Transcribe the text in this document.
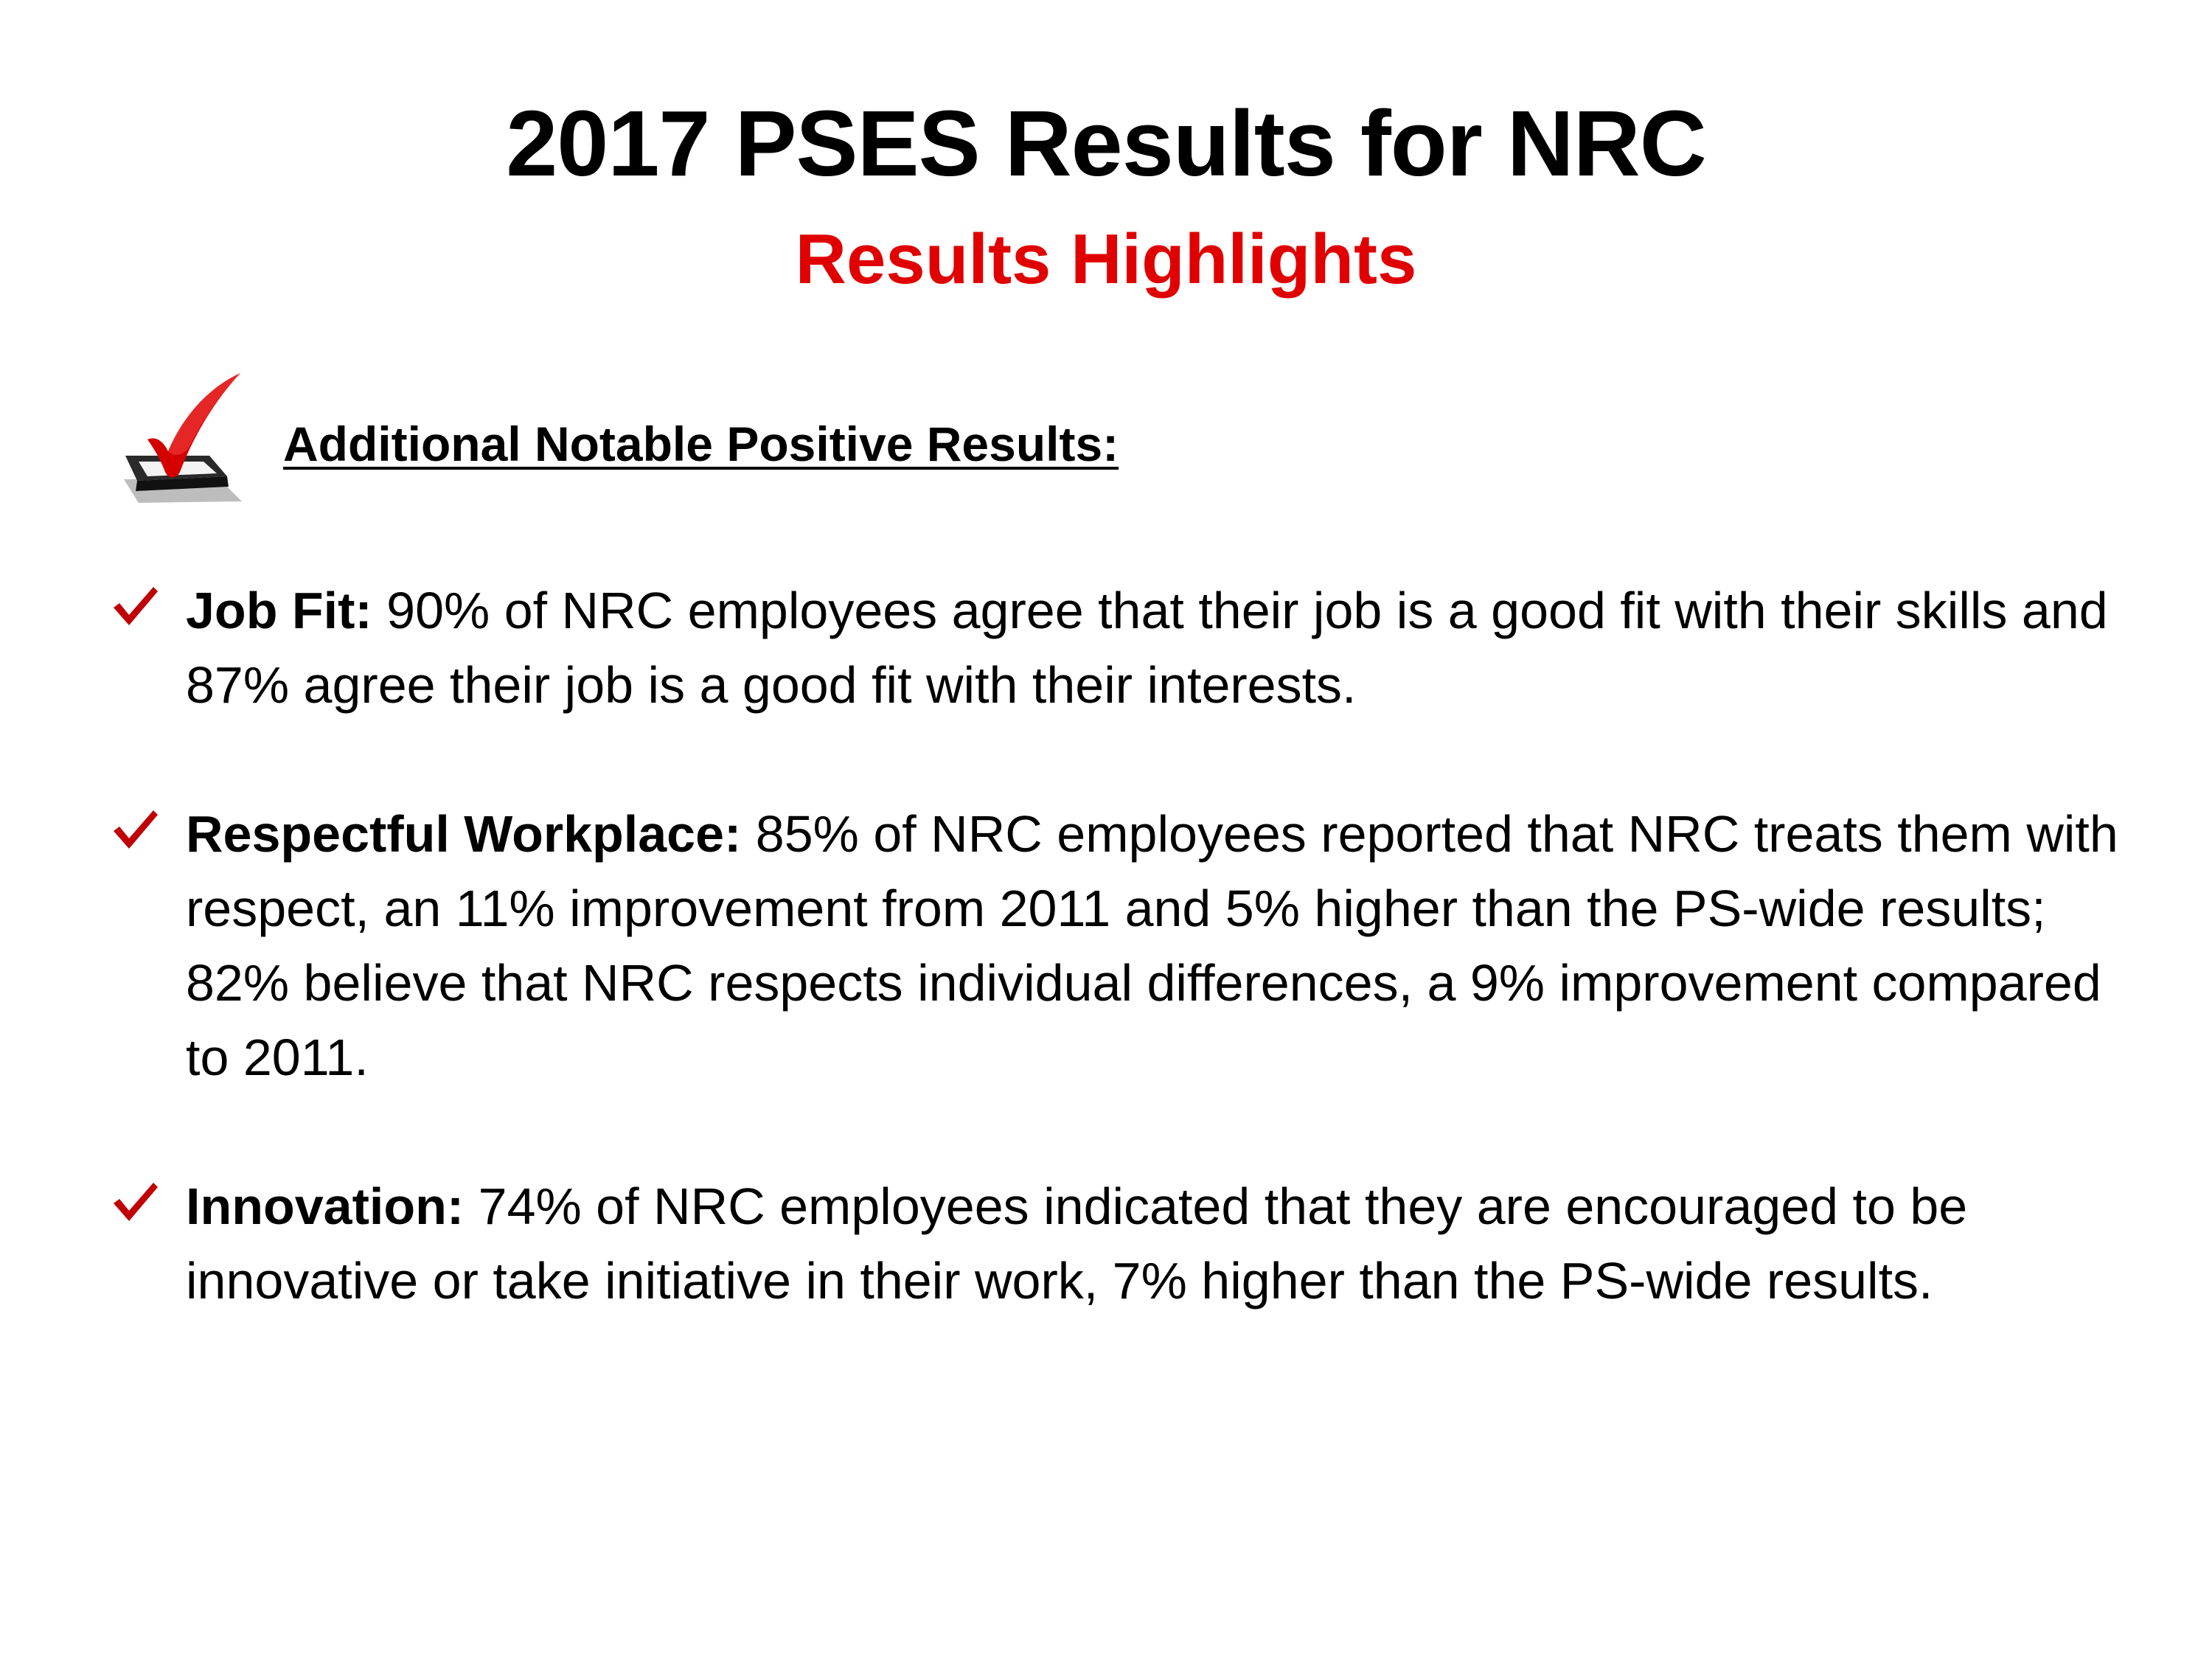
2017 PSES Results for NRC
Results Highlights
Additional Notable Positive Results:
Job Fit: 90% of NRC employees agree that their job is a good fit with their skills and 87% agree their job is a good fit with their interests.
Respectful Workplace: 85% of NRC employees reported that NRC treats them with respect, an 11% improvement from 2011 and 5% higher than the PS-wide results; 82% believe that NRC respects individual differences, a 9% improvement compared to 2011.
Innovation: 74% of NRC employees indicated that they are encouraged to be innovative or take initiative in their work, 7% higher than the PS-wide results.
